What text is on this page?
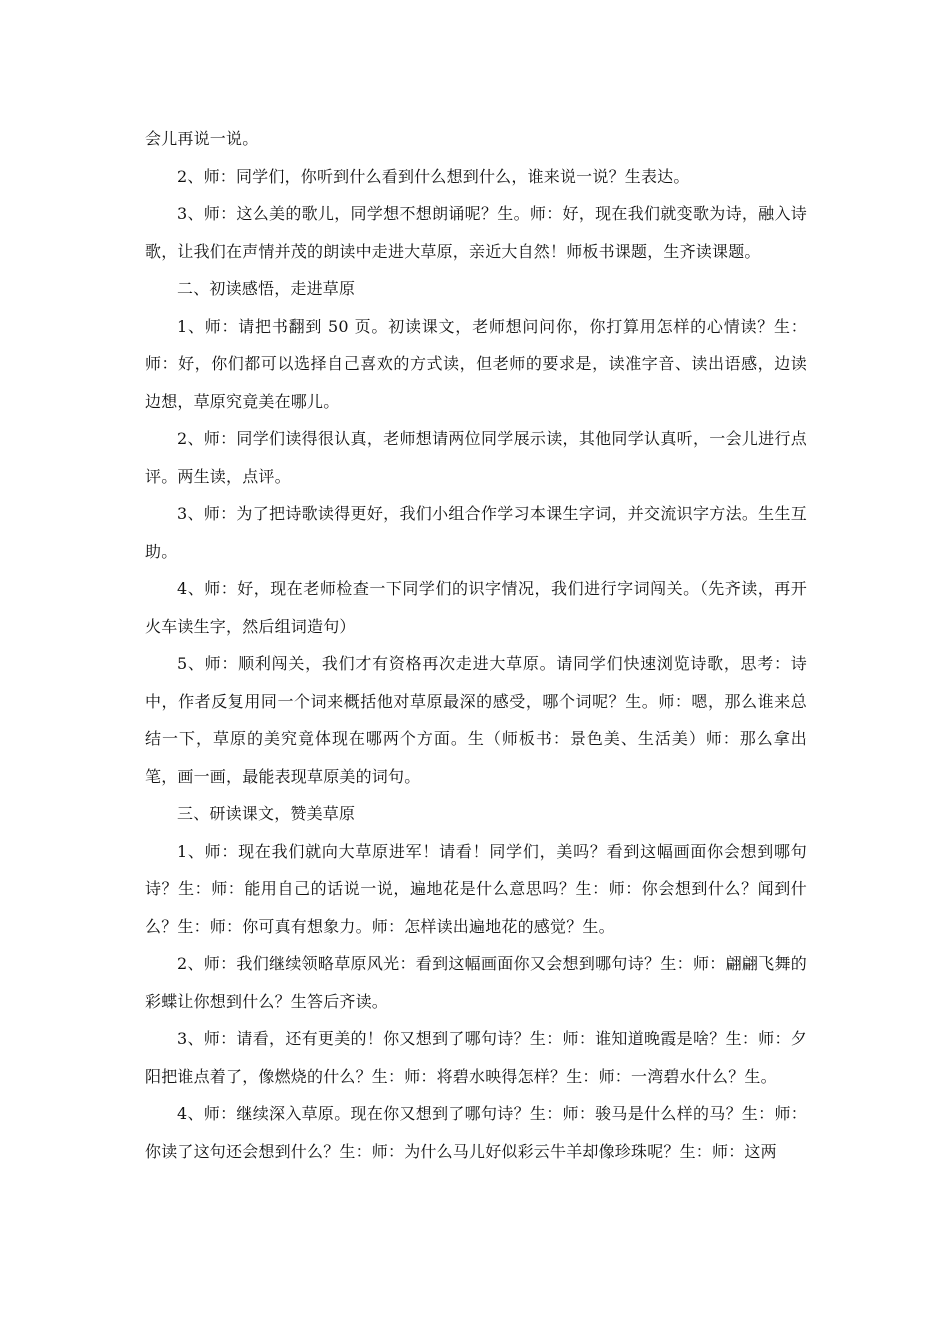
会儿再说一说。

2、师：同学们，你听到什么看到什么想到什么，谁来说一说？生表达。

3、师：这么美的歌儿，同学想不想朗诵呢？生。师：好，现在我们就变歌为诗，融入诗歌，让我们在声情并茂的朗读中走进大草原，亲近大自然！师板书课题，生齐读课题。

二、初读感悟，走进草原

1、师：请把书翻到 50 页。初读课文，老师想问问你，你打算用怎样的心情读？生：师：好，你们都可以选择自己喜欢的方式读，但老师的要求是，读准字音、读出语感，边读边想，草原究竟美在哪儿。

2、师：同学们读得很认真，老师想请两位同学展示读，其他同学认真听，一会儿进行点评。两生读，点评。

3、师：为了把诗歌读得更好，我们小组合作学习本课生字词，并交流识字方法。生生互助。

4、师：好，现在老师检查一下同学们的识字情况，我们进行字词闯关。（先齐读，再开火车读生字，然后组词造句）

5、师：顺利闯关，我们才有资格再次走进大草原。请同学们快速浏览诗歌，思考：诗中，作者反复用同一个词来概括他对草原最深的感受，哪个词呢？生。师：嗯，那么谁来总结一下，草原的美究竟体现在哪两个方面。生（师板书：景色美、生活美）师：那么拿出笔，画一画，最能表现草原美的词句。

三、研读课文，赞美草原

1、师：现在我们就向大草原进军！请看！同学们，美吗？看到这幅画面你会想到哪句诗？生：师：能用自己的话说一说，遍地花是什么意思吗？生：师：你会想到什么？闻到什么？生：师：你可真有想象力。师：怎样读出遍地花的感觉？生。

2、师：我们继续领略草原风光：看到这幅画面你又会想到哪句诗？生：师：翩翩飞舞的彩蝶让你想到什么？生答后齐读。

3、师：请看，还有更美的！你又想到了哪句诗？生：师：谁知道晚霞是啥？生：师：夕阳把谁点着了，像燃烧的什么？生：师：将碧水映得怎样？生：师：一湾碧水什么？生。

4、师：继续深入草原。现在你又想到了哪句诗？生：师：骏马是什么样的马？生：师：你读了这句还会想到什么？生：师：为什么马儿好似彩云牛羊却像珍珠呢？生：师：这两
